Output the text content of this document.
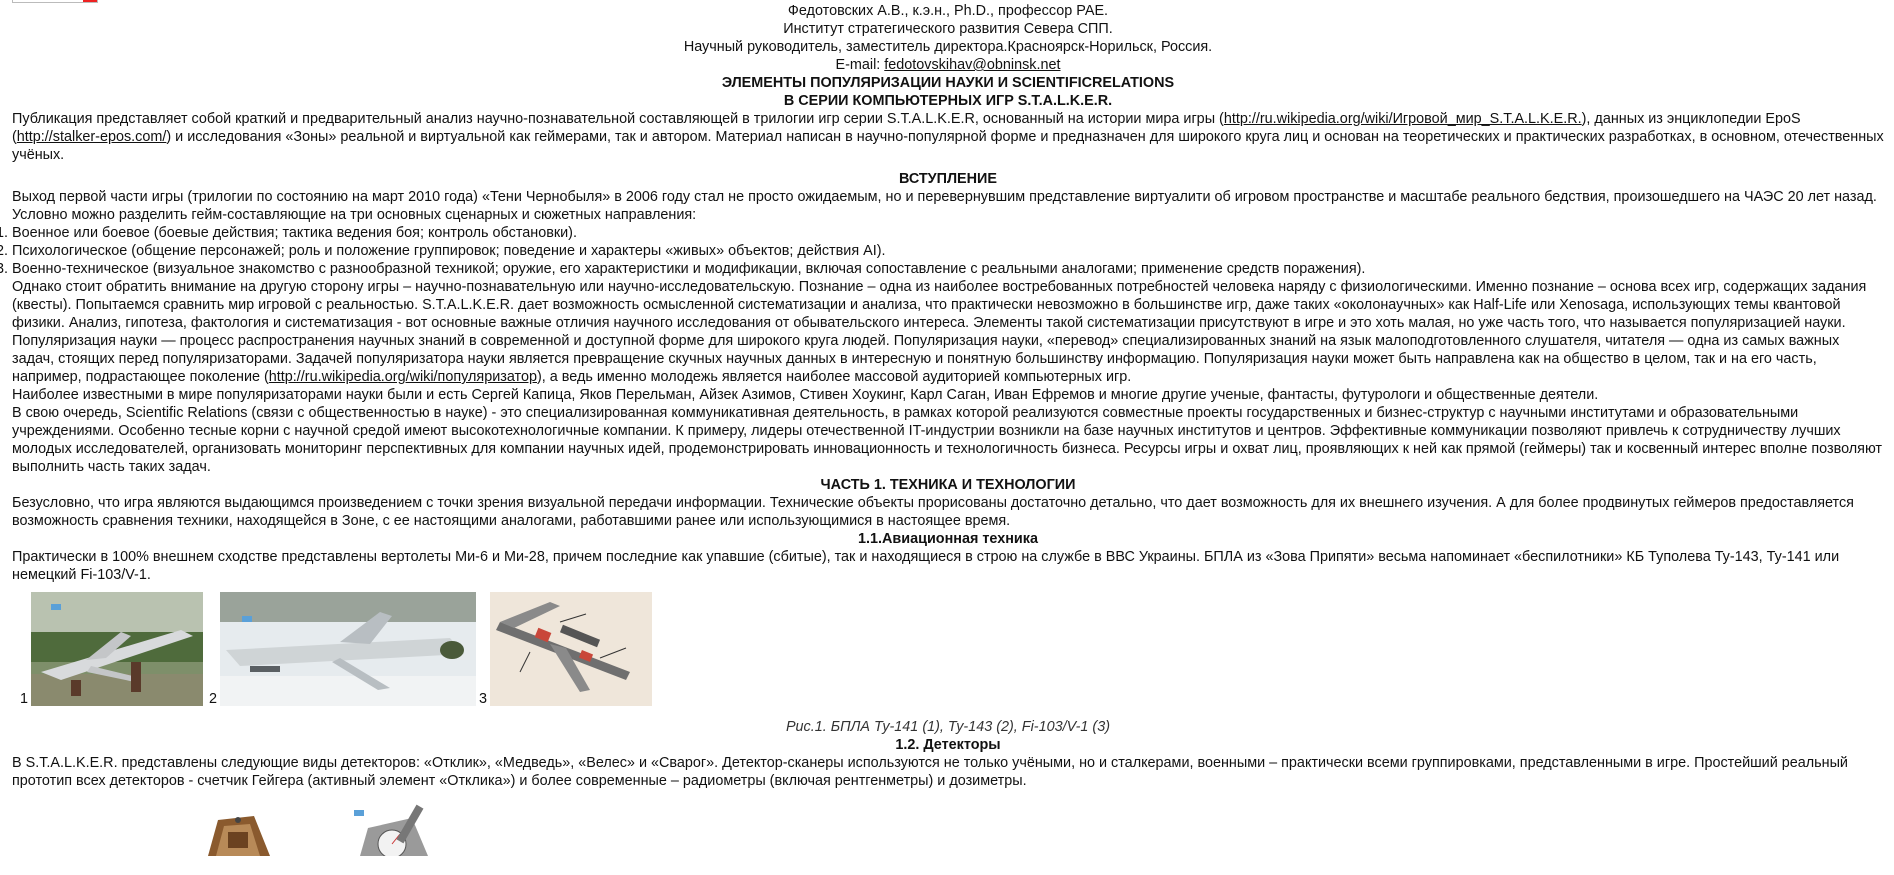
Федотовских А.В., к.э.н., Ph.D., профессор РАЕ.

Институт стратегического развития Севера СПП.

Научный руководитель, заместитель директора.Красноярск-Норильск, Россия.

E-mail: fedotovskihav@obninsk.net

ЭЛЕМЕНТЫ ПОПУЛЯРИЗАЦИИ НАУКИ И SCIENTIFICRELATIONS

В СЕРИИ КОМПЬЮТЕРНЫХ ИГР S.T.A.L.K.E.R.

Публикация представляет собой краткий и предварительный анализ научно-познавательной составляющей в трилогии игр серии S.T.A.L.K.E.R, основанный на истории мира игры (http://ru.wikipedia.org/wiki/Игровой_мир_S.T.A.L.K.E.R.), данных из энциклопедии EpoS (http://stalker-epos.com/) и исследования «Зоны» реальной и виртуальной как геймерами, так и автором. Материал написан в научно-популярной форме и предназначен для широкого круга лиц и основан на теоретических и практических разработках, в основном, отечественных учёных.

ВСТУПЛЕНИЕ

Выход первой части игры (трилогии по состоянию на март 2010 года) «Тени Чернобыля» в 2006 году стал не просто ожидаемым, но и перевернувшим представление виртуалити об игровом пространстве и масштабе реального бедствия, произошедшего на ЧАЭС 20 лет назад. Условно можно разделить гейм-составляющие на три основных сценарных и сюжетных направления:

1. Военное или боевое (боевые действия; тактика ведения боя; контроль обстановки).
2. Психологическое (общение персонажей; роль и положение группировок; поведение и характеры «живых» объектов; действия AI).
3. Военно-техническое (визуальное знакомство с разнообразной техникой; оружие, его характеристики и модификации, включая сопоставление с реальными аналогами; применение средств поражения).

Однако стоит обратить внимание на другую сторону игры – научно-познавательную или научно-исследовательскую. Познание – одна из наиболее востребованных потребностей человека наряду с физиологическими. Именно познание – основа всех игр, содержащих задания (квесты). Попытаемся сравнить мир игровой с реальностью. S.T.A.L.K.E.R. дает возможность осмысленной систематизации и анализа, что практически невозможно в большинстве игр, даже таких «околонаучных» как Half-Life или Xenosaga, использующих темы квантовой физики. Анализ, гипотеза, фактология и систематизация - вот основные важные отличия научного исследования от обывательского интереса. Элементы такой систематизации присутствуют в игре и это хоть малая, но уже часть того, что называется популяризацией науки.

Популяризация науки — процесс распространения научных знаний в современной и доступной форме для широкого круга людей. Популяризация науки, «перевод» специализированных знаний на язык малоподготовленного слушателя, читателя — одна из самых важных задач, стоящих перед популяризаторами. Задачей популяризатора науки является превращение скучных научных данных в интересную и понятную большинству информацию. Популяризация науки может быть направлена как на общество в целом, так и на его часть, например, подрастающее поколение (http://ru.wikipedia.org/wiki/популяризатор), а ведь именно молодежь является наиболее массовой аудиторией компьютерных игр.

Наиболее известными в мире популяризаторами науки были и есть Сергей Капица, Яков Перельман, Айзек Азимов, Стивен Хоукинг, Карл Саган, Иван Ефремов и многие другие ученые, фантасты, футурологи и общественные деятели.

В свою очередь, Scientific Relations (связи с общественностью в науке) - это специализированная коммуникативная деятельность, в рамках которой реализуются совместные проекты государственных и бизнес-структур с научными институтами и образовательными учреждениями. Особенно тесные корни с научной средой имеют высокотехнологичные компании. К примеру, лидеры отечественной IT-индустрии возникли на базе научных институтов и центров. Эффективные коммуникации позволяют привлечь к сотрудничеству лучших молодых исследователей, организовать мониторинг перспективных для компании научных идей, продемонстрировать инновационность и технологичность бизнеса. Ресурсы игры и охват лиц, проявляющих к ней как прямой (геймеры) так и косвенный интерес вполне позволяют выполнить часть таких задач.

ЧАСТЬ 1. ТЕХНИКА И ТЕХНОЛОГИИ

Безусловно, что игра являются выдающимся произведением с точки зрения визуальной передачи информации. Технические объекты прорисованы достаточно детально, что дает возможность для их внешнего изучения. А для более продвинутых геймеров предоставляется возможность сравнения техники, находящейся в Зоне, с ее настоящими аналогами, работавшими ранее или использующимися в настоящее время.

1.1.Авиационная техника

Практически в 100% внешнем сходстве представлены вертолеты Ми-6 и Ми-28, причем последние как упавшие (сбитые), так и находящиеся в строю на службе в ВВС Украины. БПЛА из «Зова Припяти» весьма напоминает «беспилотники» КБ Туполева Ту-143, Ту-141 или немецкий Fi-103/V-1.

1	2	3

Рис.1. БПЛА Ту-141 (1), Ту-143 (2), Fi-103/V-1 (3)

1.2. Детекторы

В S.T.A.L.K.E.R. представлены следующие виды детекторов: «Отклик», «Медведь», «Велес» и «Сварог». Детектор-сканеры используются не только учёными, но и сталкерами, военными – практически всеми группировками, представленными в игре. Простейший реальный прототип всех детекторов - счетчик Гейгера (активный элемент «Отклика») и более современные – радиометры (включая рентгенметры) и дозиметры.
